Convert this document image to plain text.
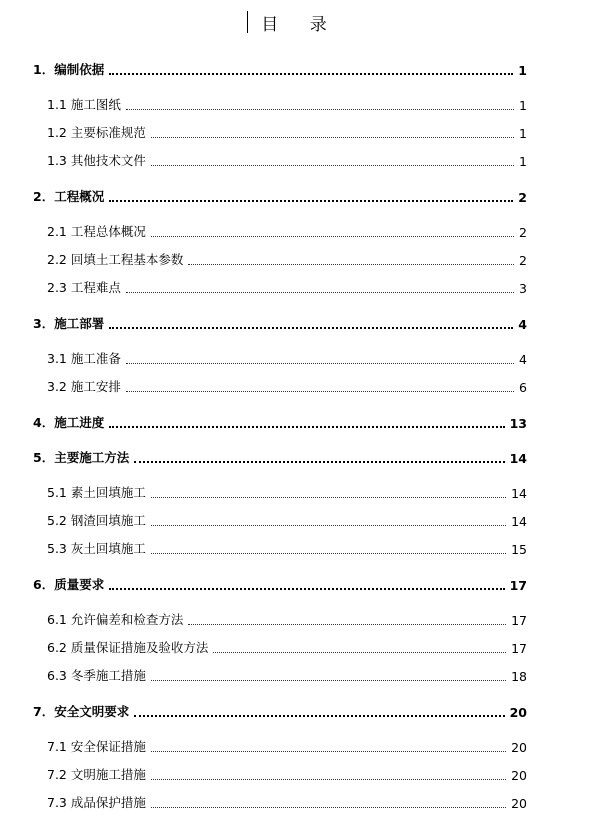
目    录
1．编制依据	1
1.1 施工图纸	1
1.2 主要标准规范	1
1.3 其他技术文件	1
2．工程概况	2
2.1 工程总体概况	2
2.2 回填土工程基本参数	2
2.3 工程难点	3
3．施工部署	4
3.1 施工准备	4
3.2 施工安排	6
4．施工进度	13
5．主要施工方法	14
5.1 素土回填施工	14
5.2 钢渣回填施工	14
5.3 灰土回填施工	15
6．质量要求	17
6.1 允许偏差和检查方法	17
6.2 质量保证措施及验收方法	17
6.3 冬季施工措施	18
7．安全文明要求	20
7.1 安全保证措施	20
7.2 文明施工措施	20
7.3 成品保护措施	20
